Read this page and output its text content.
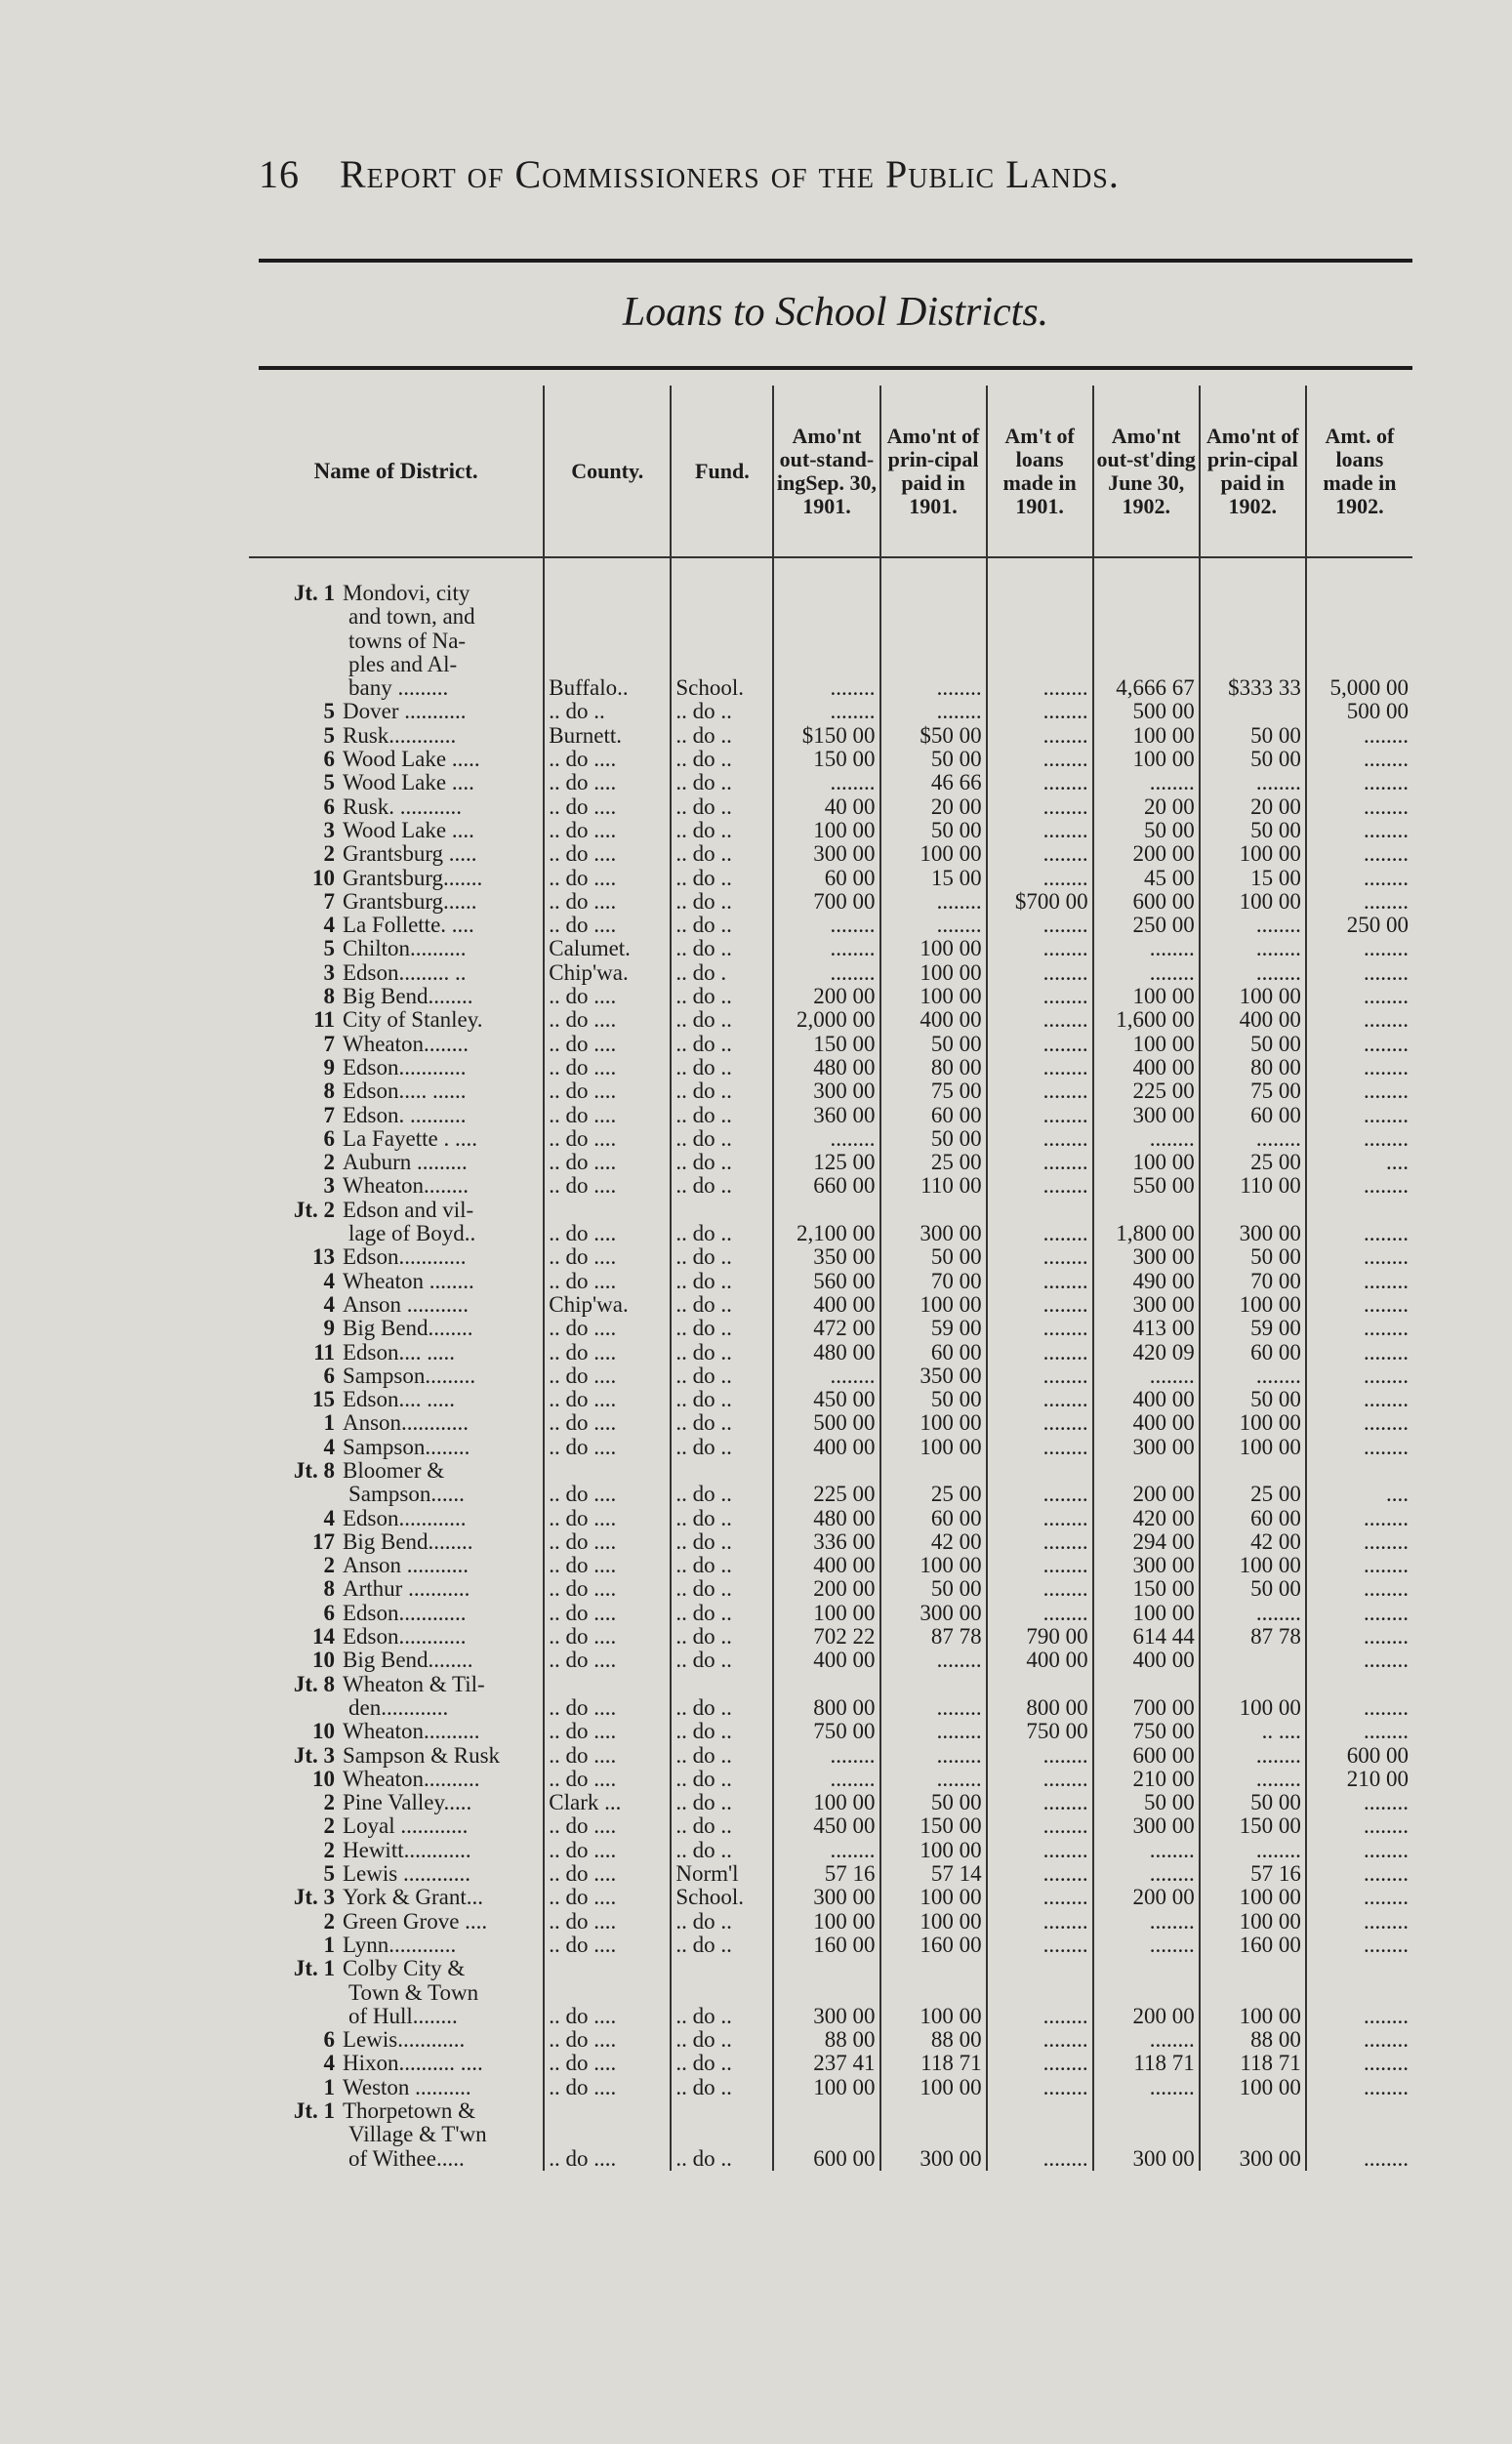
16 Report of Commissioners of the Public Lands.
Loans to School Districts.
Name of District.	County.	Fund.	Amo'nt out-stand-ingSep. 30, 1901.	Amo'nt of prin-cipal paid in 1901.	Am't of loans made in 1901.	Amo'nt out-st'ding June 30, 1902.	Amo'nt of prin-cipal paid in 1902.	Amt. of loans made in 1902.

Jt. 1 Mondovi, city
and town, and
towns of Na-
ples and Al-
bany .........	Buffalo..	School.	........	........	........	4,666 67	$333 33	5,000 00
5 Dover ...........	.. do ..	.. do ..	........	........	........	500 00		500 00
5 Rusk............	Burnett.	.. do ..	$150 00	$50 00	........	100 00	50 00	........
6 Wood Lake .....	.. do ....	.. do ..	150 00	50 00	........	100 00	50 00	........
5 Wood Lake ....	.. do ....	.. do ..	........	46 66	........	........	........	........
6 Rusk. ...........	.. do ....	.. do ..	40 00	20 00	........	20 00	20 00	........
3 Wood Lake ....	.. do ....	.. do ..	100 00	50 00	........	50 00	50 00	........
2 Grantsburg .....	.. do ....	.. do ..	300 00	100 00	........	200 00	100 00	........
10 Grantsburg.......	.. do ....	.. do ..	60 00	15 00	........	45 00	15 00	........
7 Grantsburg......	.. do ....	.. do ..	700 00	........	$700 00	600 00	100 00	........
4 La Follette. ....	.. do ....	.. do ..	........	........	........	250 00	........	250 00
5 Chilton..........	Calumet.	.. do ..	........	100 00	........	........	........	........
3 Edson......... ..	Chip'wa.	.. do .	........	100 00	........	........	........	........
8 Big Bend........	.. do ....	.. do ..	200 00	100 00	........	100 00	100 00	........
11 City of Stanley.	.. do ....	.. do ..	2,000 00	400 00	........	1,600 00	400 00	........
7 Wheaton........	.. do ....	.. do ..	150 00	50 00	........	100 00	50 00	........
9 Edson............	.. do ....	.. do ..	480 00	80 00	........	400 00	80 00	........
8 Edson..... ......	.. do ....	.. do ..	300 00	75 00	........	225 00	75 00	........
7 Edson. ..........	.. do ....	.. do ..	360 00	60 00	........	300 00	60 00	........
6 La Fayette . ....	.. do ....	.. do ..	........	50 00	........	........	........	........
2 Auburn .........	.. do ....	.. do ..	125 00	25 00	........	100 00	25 00	....
3 Wheaton........	.. do ....	.. do ..	660 00	110 00	........	550 00	110 00	........
Jt. 2 Edson and vil-
lage of Boyd..	.. do ....	.. do ..	2,100 00	300 00	........	1,800 00	300 00	........
13 Edson............	.. do ....	.. do ..	350 00	50 00	........	300 00	50 00	........
4 Wheaton ........	.. do ....	.. do ..	560 00	70 00	........	490 00	70 00	........
4 Anson ...........	Chip'wa.	.. do ..	400 00	100 00	........	300 00	100 00	........
9 Big Bend........	.. do ....	.. do ..	472 00	59 00	........	413 00	59 00	........
11 Edson.... .....	.. do ....	.. do ..	480 00	60 00	........	420 09	60 00	........
6 Sampson.........	.. do ....	.. do ..	........	350 00	........	........	........	........
15 Edson.... .....	.. do ....	.. do ..	450 00	50 00	........	400 00	50 00	........
1 Anson............	.. do ....	.. do ..	500 00	100 00	........	400 00	100 00	........
4 Sampson........	.. do ....	.. do ..	400 00	100 00	........	300 00	100 00	........
Jt. 8 Bloomer &
Sampson......	.. do ....	.. do ..	225 00	25 00	........	200 00	25 00	....
4 Edson............	.. do ....	.. do ..	480 00	60 00	........	420 00	60 00	........
17 Big Bend........	.. do ....	.. do ..	336 00	42 00	........	294 00	42 00	........
2 Anson ...........	.. do ....	.. do ..	400 00	100 00	........	300 00	100 00	........
8 Arthur ...........	.. do ....	.. do ..	200 00	50 00	........	150 00	50 00	........
6 Edson............	.. do ....	.. do ..	100 00	300 00	........	100 00	........	........
14 Edson............	.. do ....	.. do ..	702 22	87 78	790 00	614 44	87 78	........
10 Big Bend........	.. do ....	.. do ..	400 00	........	400 00	400 00		........
Jt. 8 Wheaton & Til-
den............	.. do ....	.. do ..	800 00	........	800 00	700 00	100 00	........
10 Wheaton..........	.. do ....	.. do ..	750 00	........	750 00	750 00	.. ....	........
Jt. 3 Sampson & Rusk	.. do ....	.. do ..	........	........	........	600 00	........	600 00
10 Wheaton..........	.. do ....	.. do ..	........	........	........	210 00	........	210 00
2 Pine Valley.....	Clark ...	.. do ..	100 00	50 00	........	50 00	50 00	........
2 Loyal ............	.. do ....	.. do ..	450 00	150 00	........	300 00	150 00	........
2 Hewitt............	.. do ....	.. do ..	........	100 00	........	........	........	........
5 Lewis ............	.. do ....	Norm'l	57 16	57 14	........	........	57 16	........
Jt. 3 York & Grant...	.. do ....	School.	300 00	100 00	........	200 00	100 00	........
2 Green Grove ....	.. do ....	.. do ..	100 00	100 00	........	........	100 00	........
1 Lynn............	.. do ....	.. do ..	160 00	160 00	........	........	160 00	........
Jt. 1 Colby City &
Town & Town
of Hull........	.. do ....	.. do ..	300 00	100 00	........	200 00	100 00	........
6 Lewis............	.. do ....	.. do ..	88 00	88 00	........	........	88 00	........
4 Hixon.......... ....	.. do ....	.. do ..	237 41	118 71	........	118 71	118 71	........
1 Weston ..........	.. do ....	.. do ..	100 00	100 00	........	........	100 00	........
Jt. 1 Thorpetown &
Village & T'wn
of Withee.....	.. do ....	.. do ..	600 00	300 00	........	300 00	300 00	........
